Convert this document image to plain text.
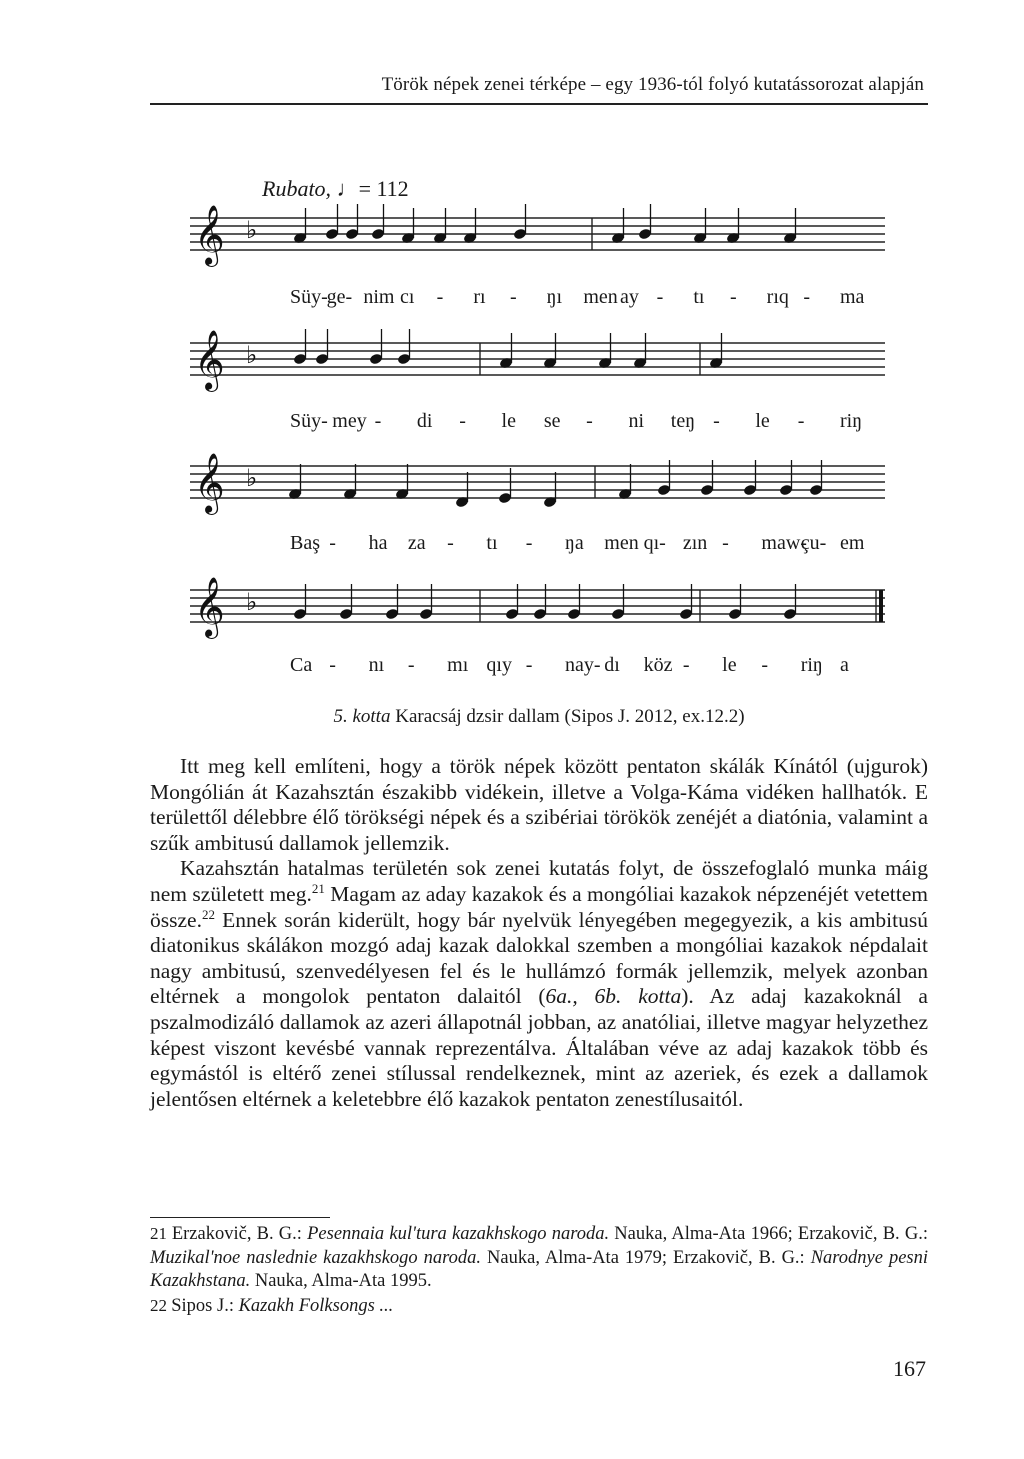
Török népek zenei térképe – egy 1936-tól folyó kutatássorozat alapján
Rubato, ♩= 112
𝄞 ♭
𝄞 ♭
𝄞 ♭
𝄞 ♭
Süy-
ge- nim cı - rı - ŋı men ay - tı - rıq - ma
Süy- mey - di - le se - ni teŋ - le - riŋ
Baş - ha za - tı - ŋa men qı- zın - maw-
çu- em
Ca - nı - mı qıy - nay- dı köz - le - riŋ a
5. kotta Karacsáj dzsir dallam (Sipos J. 2012, ex.12.2)

Itt meg kell említeni, hogy a török népek között pentaton skálák Kínától (ujgurok) Mongólián át Kazahsztán északibb vidékein, illetve a Volga-Káma vidéken hallhatók. E területtől délebbre élő törökségi népek és a szibériai törökök zenéjét a diatónia, valamint a szűk ambitusú dallamok jellemzik.

Kazahsztán hatalmas területén sok zenei kutatás folyt, de összefoglaló munka máig nem született meg.$^{21}$ Magam az aday kazakok és a mongóliai kazakok népzenéjét vetettem össze.$^{22}$ Ennek során kiderült, hogy bár nyelvük lényegében megegyezik, a kis ambitusú diatonikus skálákon mozgó adaj kazak dalokkal szemben a mongóliai kazakok népdalait nagy ambitusú, szenvedélyesen fel és le hullámzó formák jellemzik, melyek azonban eltérnek a mongolok pentaton dalaitól (6a., 6b. kotta). Az adaj kazakoknál a pszalmodizáló dallamok az azeri állapotnál jobban, az anatóliai, illetve magyar helyzethez képest viszont kevésbé vannak reprezentálva. Általában véve az adaj kazakok több és egymástól is eltérő zenei stílussal rendelkeznek, mint az azeriek, és ezek a dallamok jelentősen eltérnek a keletebbre élő kazakok pentaton zenestílusaitól.

21 Erzakovič, B. G.: Pesennaia kul'tura kazakhskogo naroda. Nauka, Alma-Ata 1966; Erzakovič, B. G.: Muzikal'noe naslednie kazakhskogo naroda. Nauka, Alma-Ata 1979; Erzakovič, B. G.: Narodnye pesni Kazakhstana. Nauka, Alma-Ata 1995.

22 Sipos J.: Kazakh Folksongs ...

167
